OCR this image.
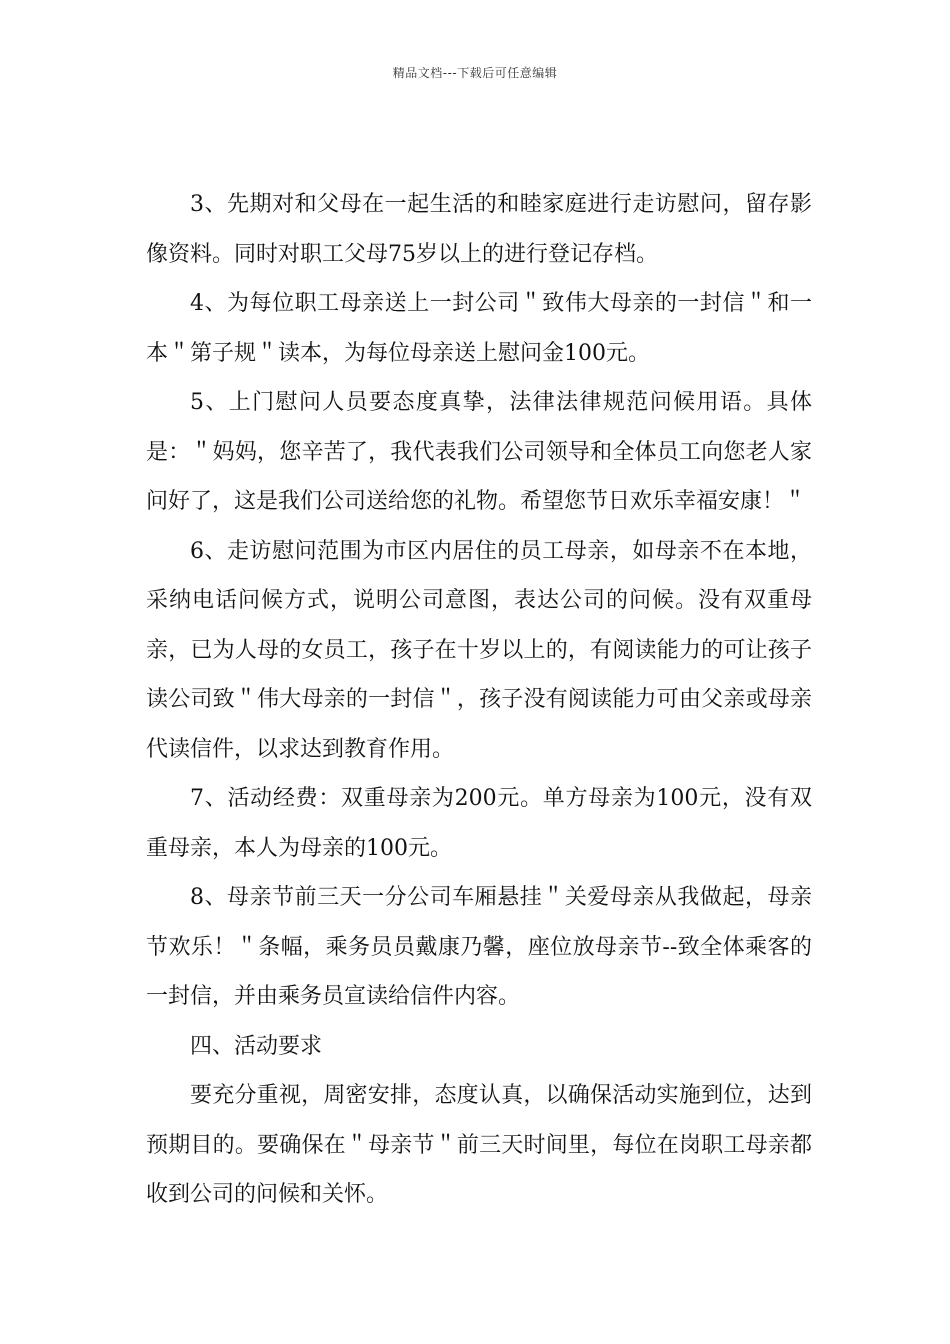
精品文档---下载后可任意编辑

3、先期对和父母在一起生活的和睦家庭进行走访慰问，留存影像资料。同时对职工父母75岁以上的进行登记存档。

4、为每位职工母亲送上一封公司＂致伟大母亲的一封信＂和一本＂第子规＂读本，为每位母亲送上慰问金100元。

5、上门慰问人员要态度真挚，法律法律规范问候用语。具体是：＂妈妈，您辛苦了，我代表我们公司领导和全体员工向您老人家问好了，这是我们公司送给您的礼物。希望您节日欢乐幸福安康！＂

6、走访慰问范围为市区内居住的员工母亲，如母亲不在本地，采纳电话问候方式，说明公司意图，表达公司的问候。没有双重母亲，已为人母的女员工，孩子在十岁以上的，有阅读能力的可让孩子读公司致＂伟大母亲的一封信＂，孩子没有阅读能力可由父亲或母亲代读信件，以求达到教育作用。

7、活动经费：双重母亲为200元。单方母亲为100元，没有双重母亲，本人为母亲的100元。

8、母亲节前三天一分公司车厢悬挂＂关爱母亲从我做起，母亲节欢乐！＂条幅，乘务员员戴康乃馨，座位放母亲节--致全体乘客的一封信，并由乘务员宣读给信件内容。

四、活动要求

要充分重视，周密安排，态度认真，以确保活动实施到位，达到预期目的。要确保在＂母亲节＂前三天时间里，每位在岗职工母亲都收到公司的问候和关怀。
